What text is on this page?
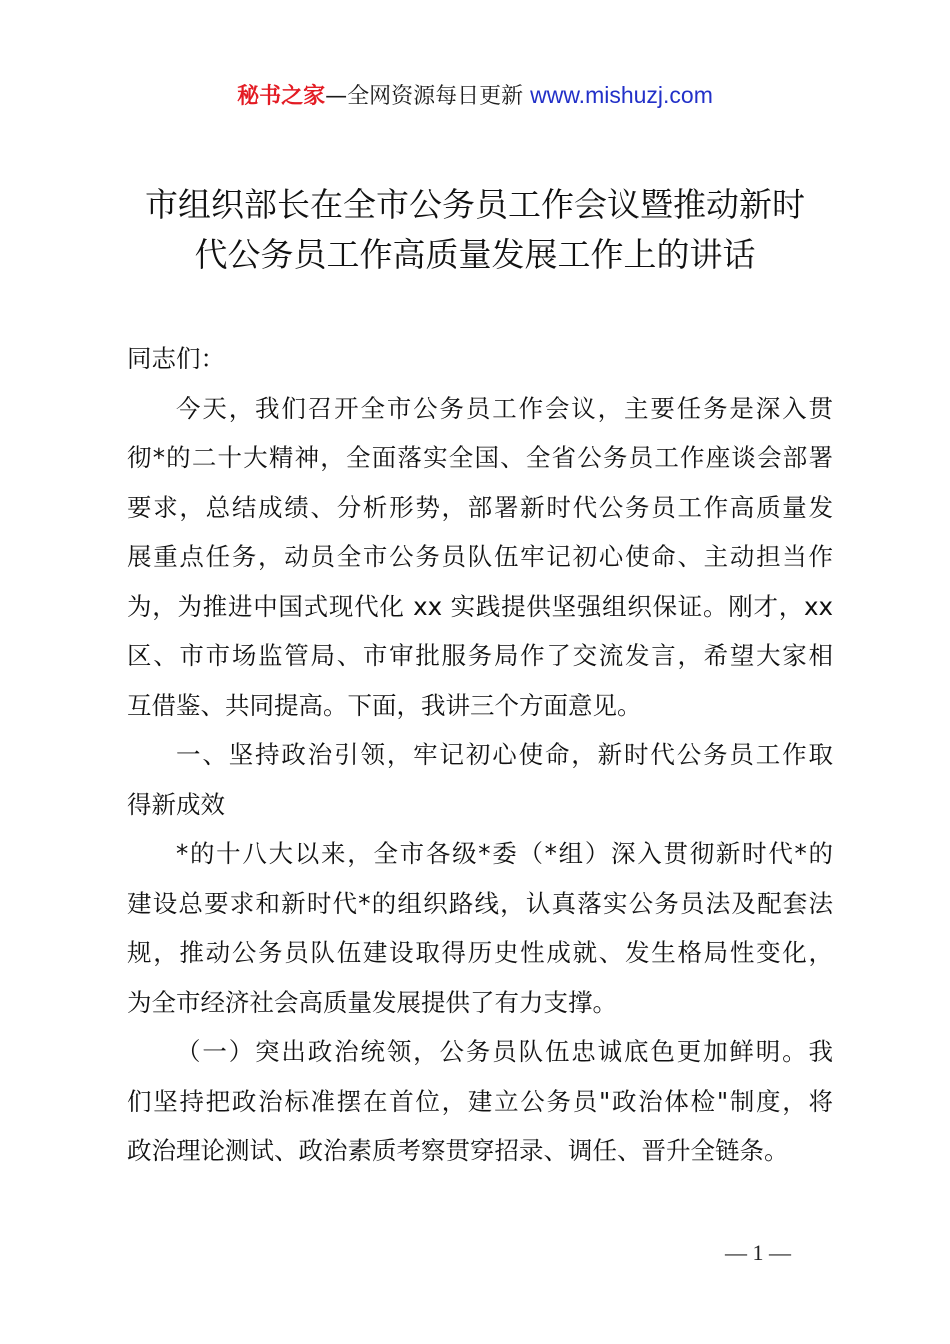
秘书之家—全网资源每日更新 www.mishuzj.com
市组织部长在全市公务员工作会议暨推动新时
代公务员工作高质量发展工作上的讲话
同志们：
今天，我们召开全市公务员工作会议，主要任务是深入贯
彻*的二十大精神，全面落实全国、全省公务员工作座谈会部署
要求，总结成绩、分析形势，部署新时代公务员工作高质量发
展重点任务，动员全市公务员队伍牢记初心使命、主动担当作
为，为推进中国式现代化 xx 实践提供坚强组织保证。刚才，xx
区、市市场监管局、市审批服务局作了交流发言，希望大家相
互借鉴、共同提高。下面，我讲三个方面意见。
一、坚持政治引领，牢记初心使命，新时代公务员工作取
得新成效
*的十八大以来，全市各级*委（*组）深入贯彻新时代*的
建设总要求和新时代*的组织路线，认真落实公务员法及配套法
规，推动公务员队伍建设取得历史性成就、发生格局性变化，
为全市经济社会高质量发展提供了有力支撑。
（一）突出政治统领，公务员队伍忠诚底色更加鲜明。我
们坚持把政治标准摆在首位，建立公务员"政治体检"制度，将
政治理论测试、政治素质考察贯穿招录、调任、晋升全链条。
— 1 —
